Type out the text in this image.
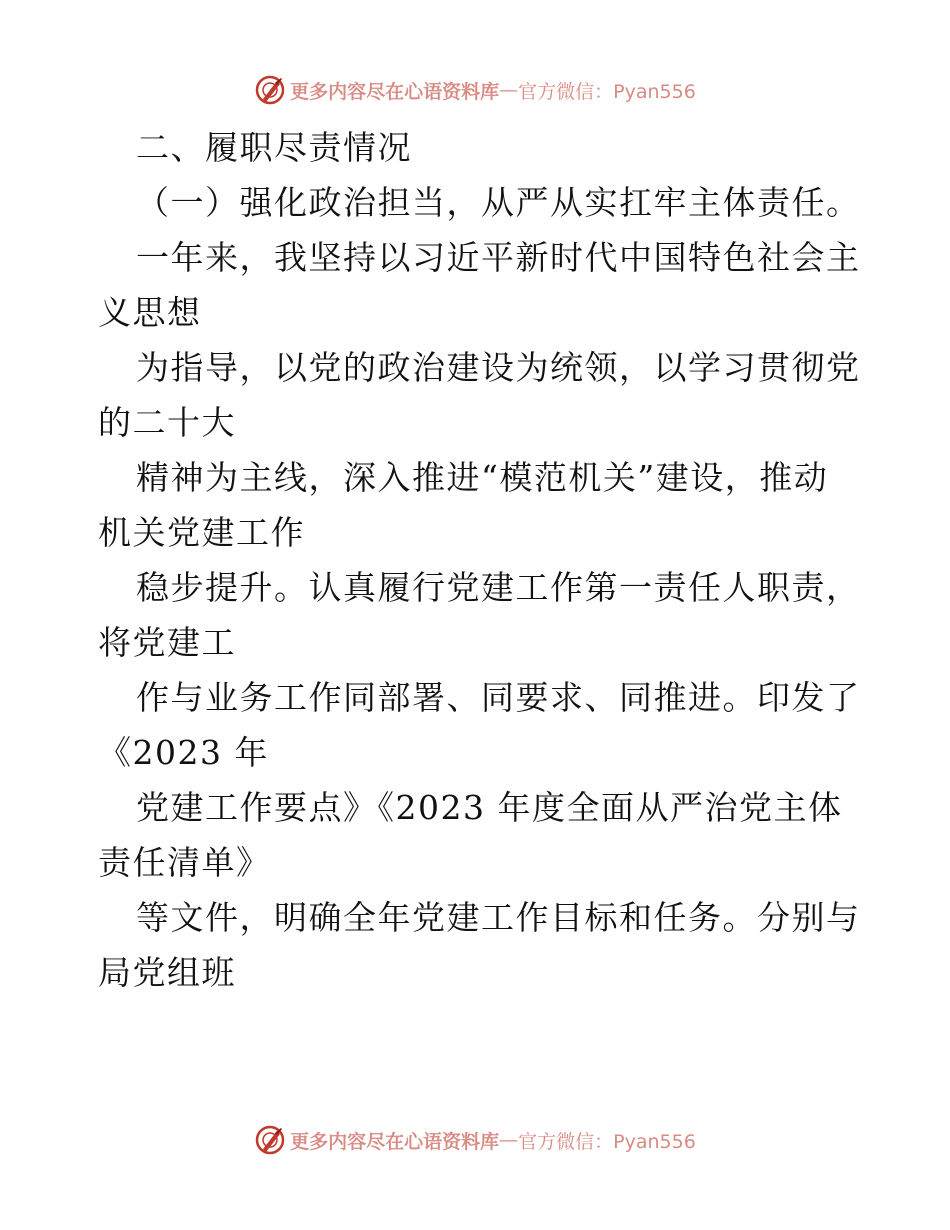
更多内容尽在心语资料库 — 官方微信：Pyan556
二、履职尽责情况
（一）强化政治担当，从严从实扛牢主体责任。
一年来，我坚持以习近平新时代中国特色社会主
义思想
为指导，以党的政治建设为统领，以学习贯彻党
的二十大
精神为主线，深入推进“模范机关”建设，推动
机关党建工作
稳步提升。认真履行党建工作第一责任人职责，
将党建工
作与业务工作同部署、同要求、同推进。印发了
《2023 年
党建工作要点》《2023 年度全面从严治党主体
责任清单》
等文件，明确全年党建工作目标和任务。分别与
局党组班
更多内容尽在心语资料库 — 官方微信：Pyan556
